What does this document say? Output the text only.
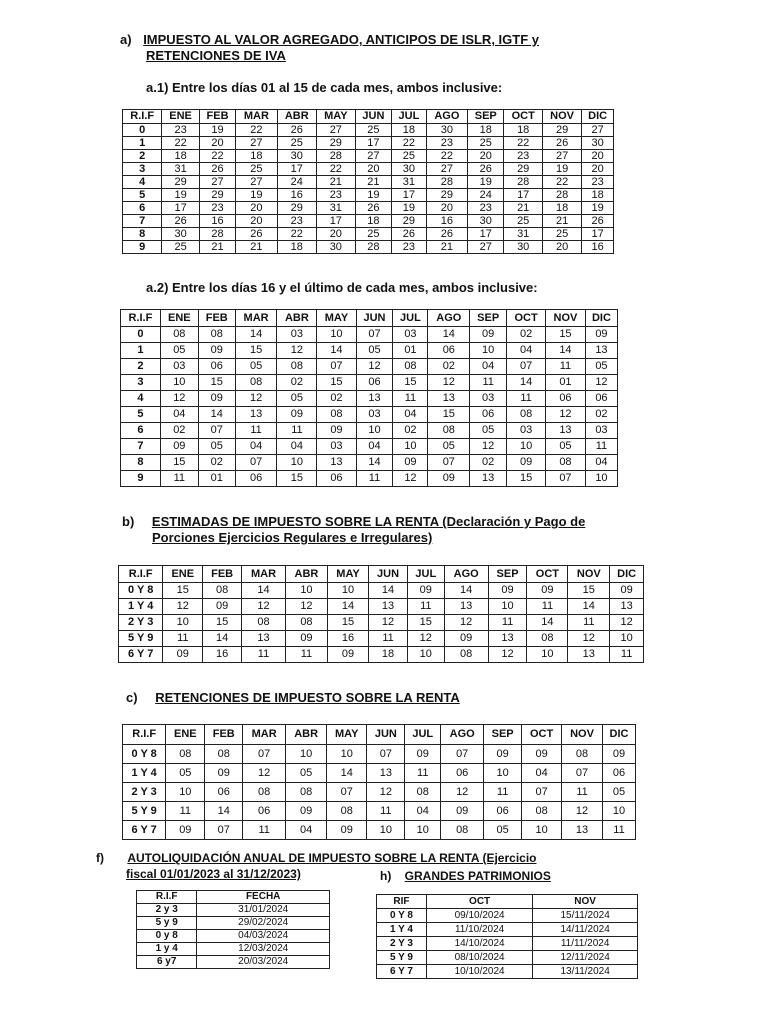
a) IMPUESTO AL VALOR AGREGADO, ANTICIPOS DE ISLR, IGTF y
RETENCIONES DE IVA
a.1) Entre los días 01 al 15 de cada mes, ambos inclusive:
R.I.F	ENE	FEB	MAR	ABR	MAY	JUN	JUL	AGO	SEP	OCT	NOV	DIC
0	23	19	22	26	27	25	18	30	18	18	29	27
1	22	20	27	25	29	17	22	23	25	22	26	30
2	18	22	18	30	28	27	25	22	20	23	27	20
3	31	26	25	17	22	20	30	27	26	29	19	20
4	29	27	27	24	21	21	31	28	19	28	22	23
5	19	29	19	16	23	19	17	29	24	17	28	18
6	17	23	20	29	31	26	19	20	23	21	18	19
7	26	16	20	23	17	18	29	16	30	25	21	26
8	30	28	26	22	20	25	26	26	17	31	25	17
9	25	21	21	18	30	28	23	21	27	30	20	16
a.2) Entre los días 16 y el último de cada mes, ambos inclusive:
R.I.F	ENE	FEB	MAR	ABR	MAY	JUN	JUL	AGO	SEP	OCT	NOV	DIC
0	08	08	14	03	10	07	03	14	09	02	15	09
1	05	09	15	12	14	05	01	06	10	04	14	13
2	03	06	05	08	07	12	08	02	04	07	11	05
3	10	15	08	02	15	06	15	12	11	14	01	12
4	12	09	12	05	02	13	11	13	03	11	06	06
5	04	14	13	09	08	03	04	15	06	08	12	02
6	02	07	11	11	09	10	02	08	05	03	13	03
7	09	05	04	04	03	04	10	05	12	10	05	11
8	15	02	07	10	13	14	09	07	02	09	08	04
9	11	01	06	15	06	11	12	09	13	15	07	10
b) ESTIMADAS DE IMPUESTO SOBRE LA RENTA (Declaración y Pago de
Porciones Ejercicios Regulares e Irregulares)
R.I.F	ENE	FEB	MAR	ABR	MAY	JUN	JUL	AGO	SEP	OCT	NOV	DIC
0 Y 8	15	08	14	10	10	14	09	14	09	09	15	09
1 Y 4	12	09	12	12	14	13	11	13	10	11	14	13
2 Y 3	10	15	08	08	15	12	15	12	11	14	11	12
5 Y 9	11	14	13	09	16	11	12	09	13	08	12	10
6 Y 7	09	16	11	11	09	18	10	08	12	10	13	11
c) RETENCIONES DE IMPUESTO SOBRE LA RENTA
R.I.F	ENE	FEB	MAR	ABR	MAY	JUN	JUL	AGO	SEP	OCT	NOV	DIC
0 Y 8	08	08	07	10	10	07	09	07	09	09	08	09
1 Y 4	05	09	12	05	14	13	11	06	10	04	07	06
2 Y 3	10	06	08	08	07	12	08	12	11	07	11	05
5 Y 9	11	14	06	09	08	11	04	09	06	08	12	10
6 Y 7	09	07	11	04	09	10	10	08	05	10	13	11
f) AUTOLIQUIDACIÓN ANUAL DE IMPUESTO SOBRE LA RENTA (Ejercicio
fiscal 01/01/2023 al 31/12/2023)
R.I.F	FECHA
2 y 3	31/01/2024
5 y 9	29/02/2024
0 y 8	04/03/2024
1 y 4	12/03/2024
6 y7	20/03/2024
h) GRANDES PATRIMONIOS
RIF	OCT	NOV
0 Y 8	09/10/2024	15/11/2024
1 Y 4	11/10/2024	14/11/2024
2 Y 3	14/10/2024	11/11/2024
5 Y 9	08/10/2024	12/11/2024
6 Y 7	10/10/2024	13/11/2024
